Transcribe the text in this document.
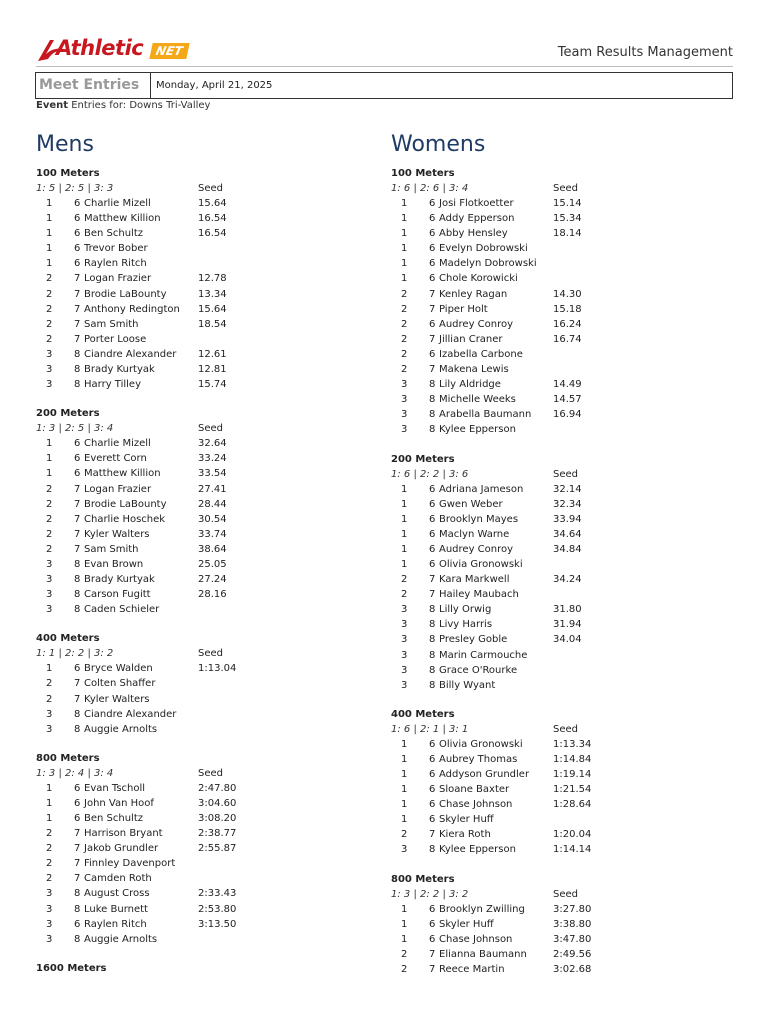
Athletic NET	Team Results Management
Meet Entries	Monday, April 21, 2025
Event Entries for: Downs Tri-Valley
Mens
100 Meters
1: 5 | 2: 5 | 3: 3	Seed
1 6 Charlie Mizell	15.64
1 6 Matthew Killion	16.54
1 6 Ben Schultz	16.54
1 6 Trevor Bober
1 6 Raylen Ritch
2 7 Logan Frazier	12.78
2 7 Brodie LaBounty	13.34
2 7 Anthony Redington 15.64
2 7 Sam Smith	18.54
2 7 Porter Loose
3 8 Ciandre Alexander 12.61
3 8 Brady Kurtyak	12.81
3 8 Harry Tilley	15.74
200 Meters
1: 3 | 2: 5 | 3: 4	Seed
1 6 Charlie Mizell	32.64
1 6 Everett Corn	33.24
1 6 Matthew Killion	33.54
2 7 Logan Frazier	27.41
2 7 Brodie LaBounty	28.44
2 7 Charlie Hoschek	30.54
2 7 Kyler Walters	33.74
2 7 Sam Smith	38.64
3 8 Evan Brown	25.05
3 8 Brady Kurtyak	27.24
3 8 Carson Fugitt	28.16
3 8 Caden Schieler
400 Meters
1: 1 | 2: 2 | 3: 2	Seed
1 6 Bryce Walden	1:13.04
2 7 Colten Shaffer
2 7 Kyler Walters
3 8 Ciandre Alexander
3 8 Auggie Arnolts
800 Meters
1: 3 | 2: 4 | 3: 4	Seed
1 6 Evan Tscholl	2:47.80
1 6 John Van Hoof	3:04.60
1 6 Ben Schultz	3:08.20
2 7 Harrison Bryant	2:38.77
2 7 Jakob Grundler	2:55.87
2 7 Finnley Davenport
2 7 Camden Roth
3 8 August Cross	2:33.43
3 8 Luke Burnett	2:53.80
3 6 Raylen Ritch	3:13.50
3 8 Auggie Arnolts
1600 Meters
Womens
100 Meters
1: 6 | 2: 6 | 3: 4	Seed
1 6 Josi Flotkoetter	15.14
1 6 Addy Epperson	15.34
1 6 Abby Hensley	18.14
1 6 Evelyn Dobrowski
1 6 Madelyn Dobrowski
1 6 Chole Korowicki
2 7 Kenley Ragan	14.30
2 7 Piper Holt	15.18
2 6 Audrey Conroy	16.24
2 7 Jillian Craner	16.74
2 6 Izabella Carbone
2 7 Makena Lewis
3 8 Lily Aldridge	14.49
3 8 Michelle Weeks	14.57
3 8 Arabella Baumann 16.94
3 8 Kylee Epperson
200 Meters
1: 6 | 2: 2 | 3: 6	Seed
1 6 Adriana Jameson	32.14
1 6 Gwen Weber	32.34
1 6 Brooklyn Mayes	33.94
1 6 Maclyn Warne	34.64
1 6 Audrey Conroy	34.84
1 6 Olivia Gronowski
2 7 Kara Markwell	34.24
2 7 Hailey Maubach
3 8 Lilly Orwig	31.80
3 8 Livy Harris	31.94
3 8 Presley Goble	34.04
3 8 Marin Carmouche
3 8 Grace O'Rourke
3 8 Billy Wyant
400 Meters
1: 6 | 2: 1 | 3: 1	Seed
1 6 Olivia Gronowski	1:13.34
1 6 Aubrey Thomas	1:14.84
1 6 Addyson Grundler 1:19.14
1 6 Sloane Baxter	1:21.54
1 6 Chase Johnson	1:28.64
1 6 Skyler Huff
2 7 Kiera Roth	1:20.04
3 8 Kylee Epperson	1:14.14
800 Meters
1: 3 | 2: 2 | 3: 2	Seed
1 6 Brooklyn Zwilling	3:27.80
1 6 Skyler Huff	3:38.80
1 6 Chase Johnson	3:47.80
2 7 Elianna Baumann	2:49.56
2 7 Reece Martin	3:02.68
